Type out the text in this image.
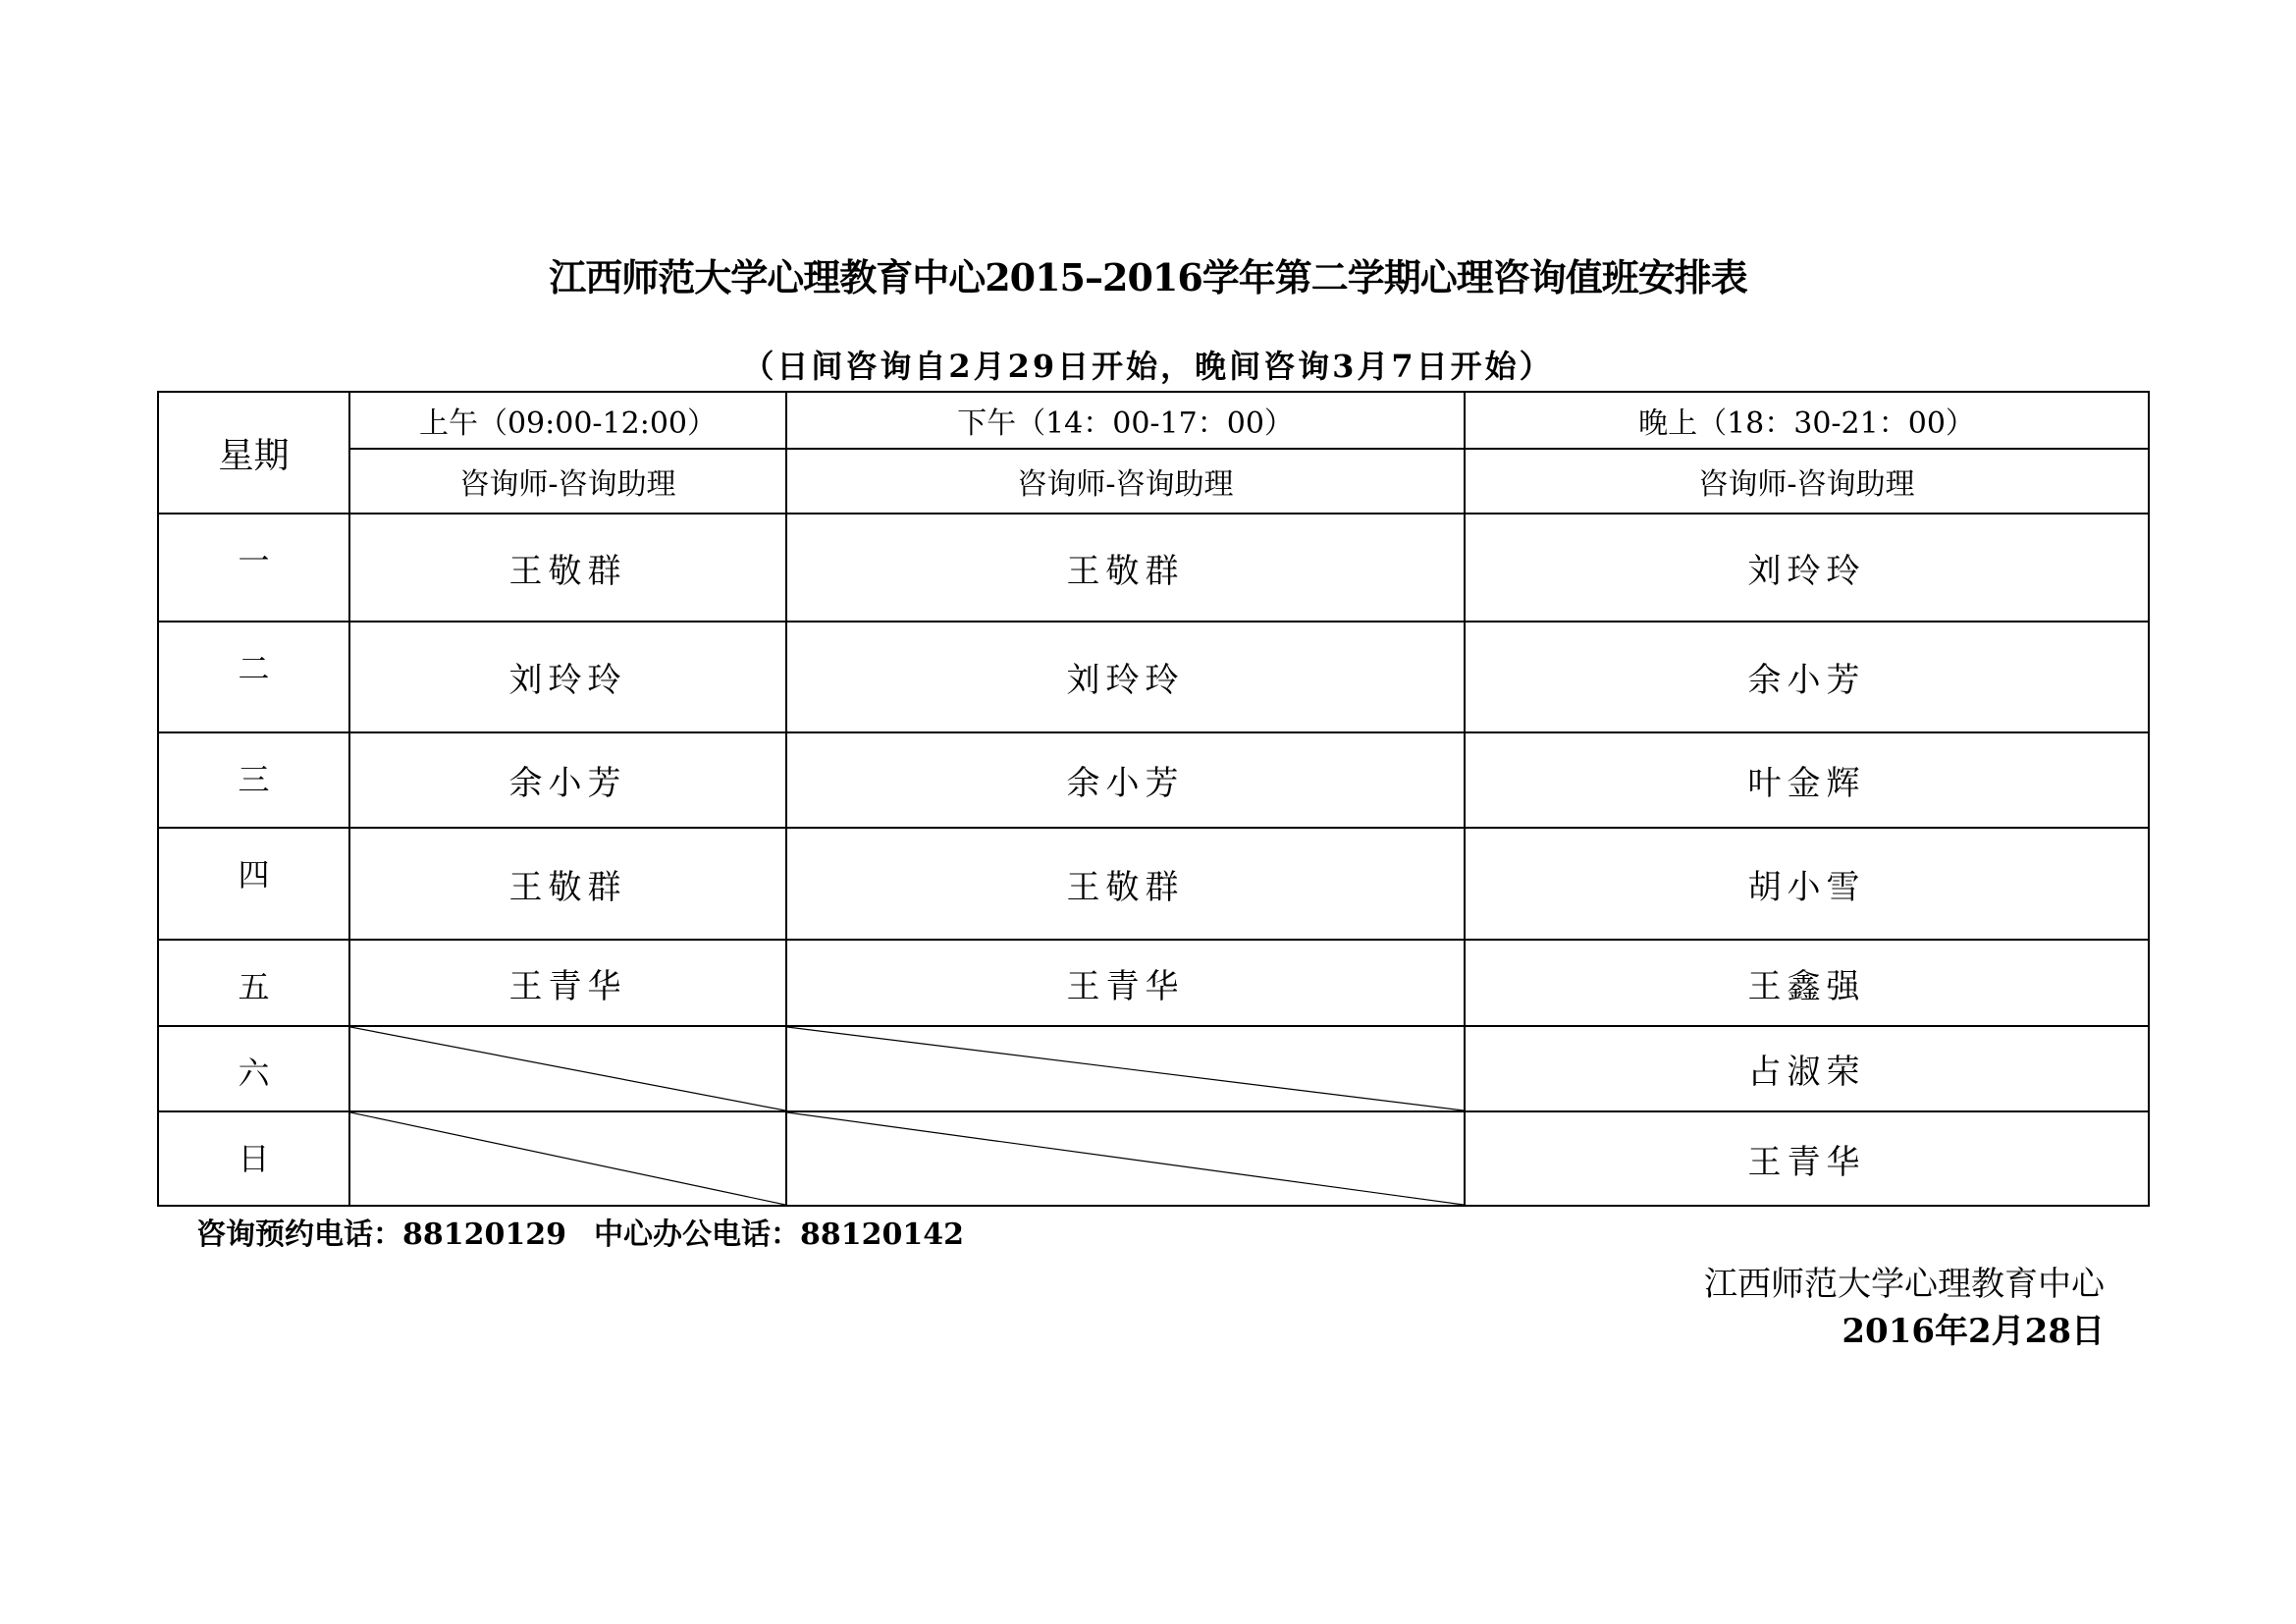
江西师范大学心理教育中心2015–2016学年第二学期心理咨询值班安排表
（日间咨询自2月29日开始，晚间咨询3月7日开始）
星期	上午（09:00-12:00）	下午（14：00-17：00）	晚上（18：30-21：00）
	咨询师-咨询助理	咨询师-咨询助理	咨询师-咨询助理
一	王敬群	王敬群	刘玲玲
二	刘玲玲	刘玲玲	余小芳
三	余小芳	余小芳	叶金辉
四	王敬群	王敬群	胡小雪
五	王青华	王青华	王鑫强
六			占淑荣
日			王青华
咨询预约电话：88120129 中心办公电话：88120142
江西师范大学心理教育中心
2016年2月28日
